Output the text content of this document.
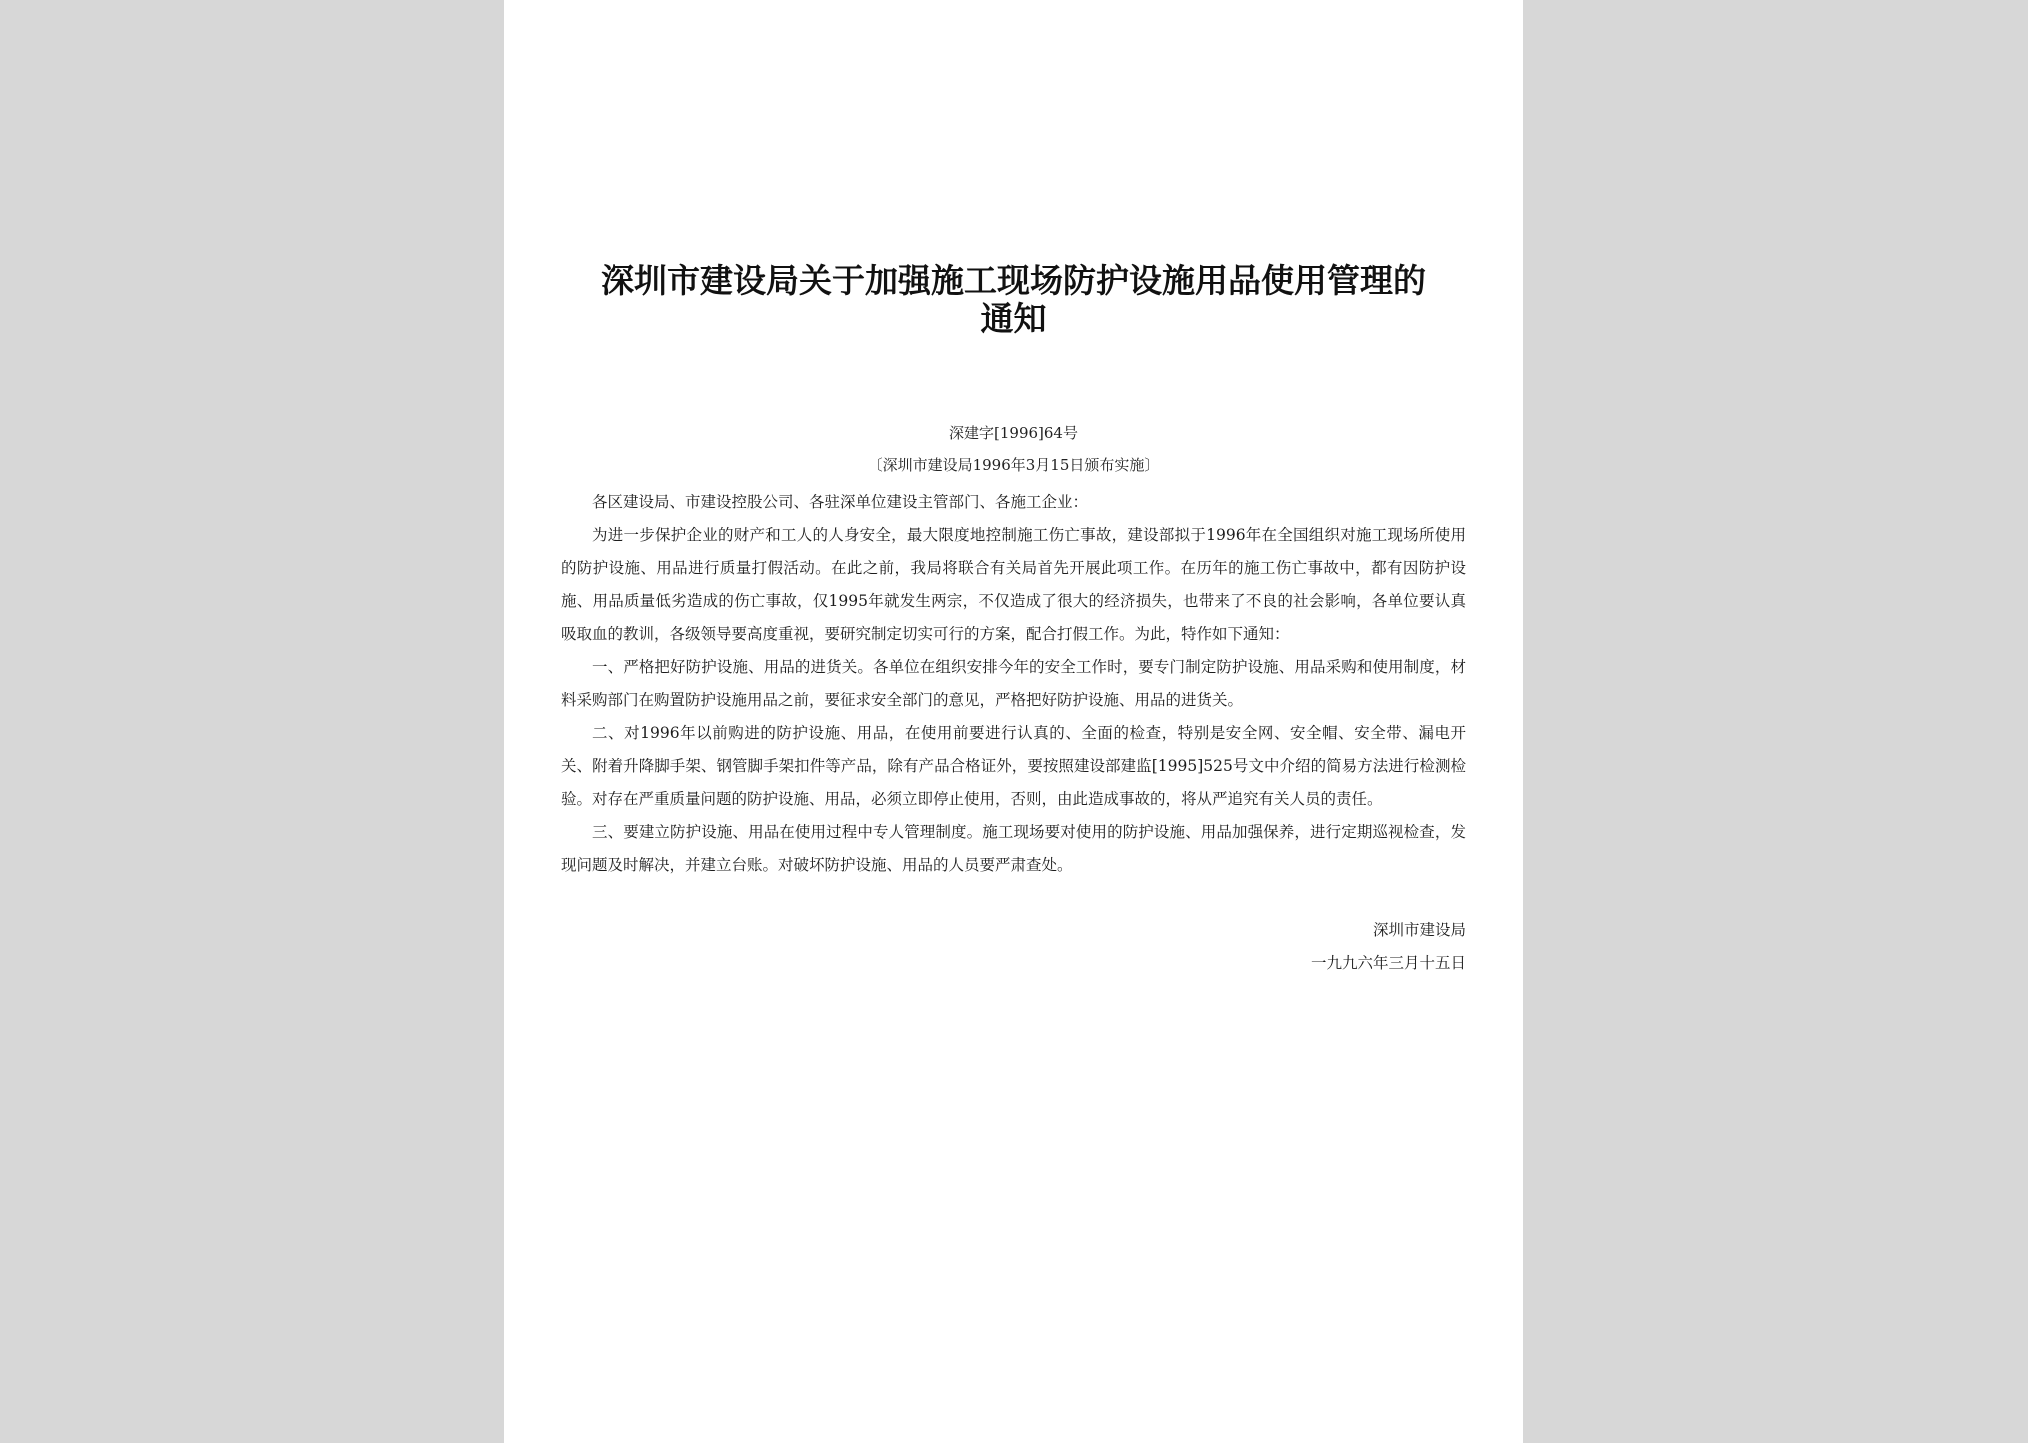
深圳市建设局关于加强施工现场防护设施用品使用管理的通知
深建字[1996]64号
〔深圳市建设局1996年3月15日颁布实施〕

各区建设局、市建设控股公司、各驻深单位建设主管部门、各施工企业：

为进一步保护企业的财产和工人的人身安全，最大限度地控制施工伤亡事故，建设部拟于1996年在全国组织对施工现场所使用的防护设施、用品进行质量打假活动。在此之前，我局将联合有关局首先开展此项工作。在历年的施工伤亡事故中，都有因防护设施、用品质量低劣造成的伤亡事故，仅1995年就发生两宗，不仅造成了很大的经济损失，也带来了不良的社会影响，各单位要认真吸取血的教训，各级领导要高度重视，要研究制定切实可行的方案，配合打假工作。为此，特作如下通知：

一、严格把好防护设施、用品的进货关。各单位在组织安排今年的安全工作时，要专门制定防护设施、用品采购和使用制度，材料采购部门在购置防护设施用品之前，要征求安全部门的意见，严格把好防护设施、用品的进货关。

二、对1996年以前购进的防护设施、用品，在使用前要进行认真的、全面的检查，特别是安全网、安全帽、安全带、漏电开关、附着升降脚手架、钢管脚手架扣件等产品，除有产品合格证外，要按照建设部建监[1995]525号文中介绍的简易方法进行检测检验。对存在严重质量问题的防护设施、用品，必须立即停止使用，否则，由此造成事故的，将从严追究有关人员的责任。

三、要建立防护设施、用品在使用过程中专人管理制度。施工现场要对使用的防护设施、用品加强保养，进行定期巡视检查，发现问题及时解决，并建立台账。对破坏防护设施、用品的人员要严肃查处。

深圳市建设局
一九九六年三月十五日
